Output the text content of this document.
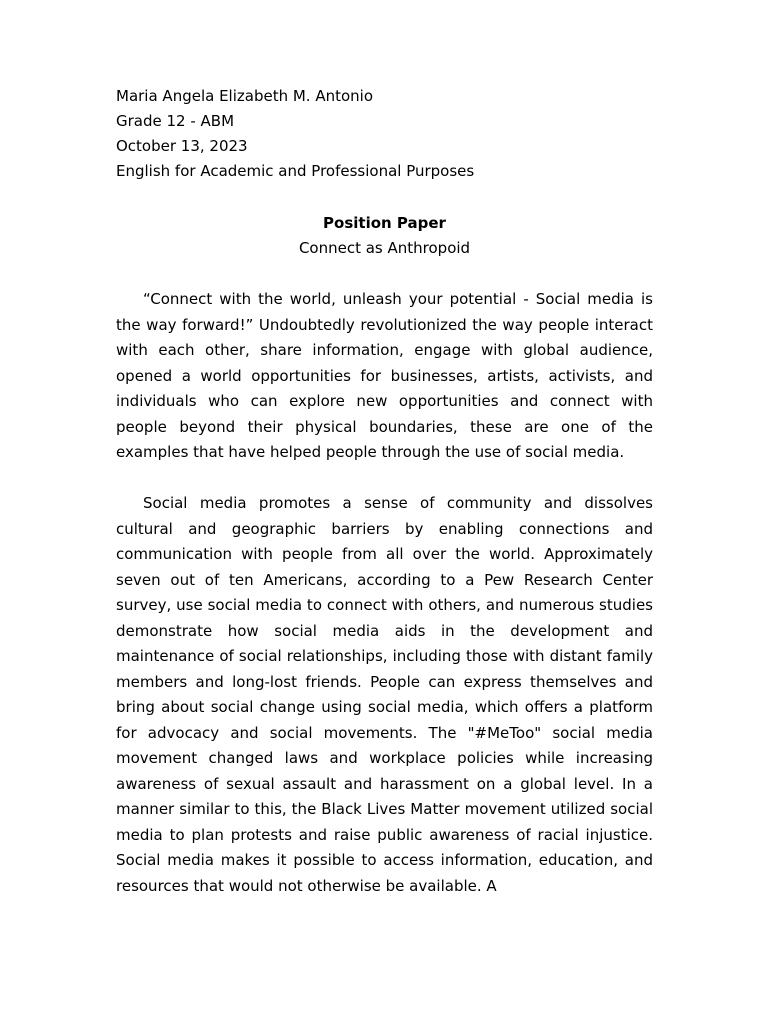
Maria Angela Elizabeth M. Antonio

Grade 12 - ABM

October 13, 2023

English for Academic and Professional Purposes

Position Paper

Connect as Anthropoid

“Connect with the world, unleash your potential - Social media is the way forward!” Undoubtedly revolutionized the way people interact with each other, share information, engage with global audience, opened a world opportunities for businesses, artists, activists, and individuals who can explore new opportunities and connect with people beyond their physical boundaries, these are one of the examples that have helped people through the use of social media.

Social media promotes a sense of community and dissolves cultural and geographic barriers by enabling connections and communication with people from all over the world. Approximately seven out of ten Americans, according to a Pew Research Center survey, use social media to connect with others, and numerous studies demonstrate how social media aids in the development and maintenance of social relationships, including those with distant family members and long-lost friends. People can express themselves and bring about social change using social media, which offers a platform for advocacy and social movements. The "#MeToo" social media movement changed laws and workplace policies while increasing awareness of sexual assault and harassment on a global level. In a manner similar to this, the Black Lives Matter movement utilized social media to plan protests and raise public awareness of racial injustice. Social media makes it possible to access information, education, and resources that would not otherwise be available. A
